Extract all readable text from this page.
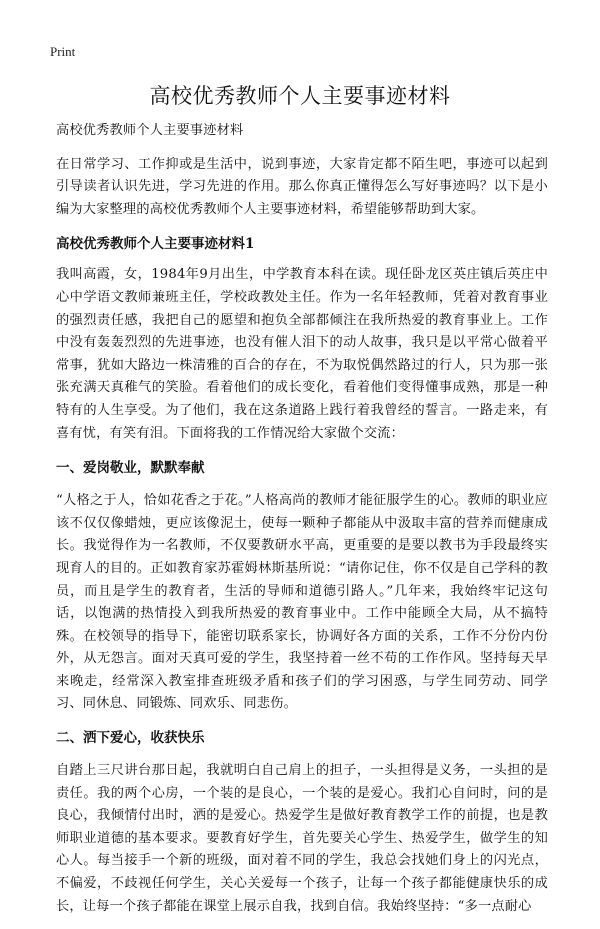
Print
高校优秀教师个人主要事迹材料

高校优秀教师个人主要事迹材料

在日常学习、工作抑或是生活中，说到事迹，大家肯定都不陌生吧，事迹可以起到引导读者认识先进，学习先进的作用。那么你真正懂得怎么写好事迹吗？以下是小编为大家整理的高校优秀教师个人主要事迹材料，希望能够帮助到大家。

高校优秀教师个人主要事迹材料1

我叫高霞，女，1984年9月出生，中学教育本科在读。现任卧龙区英庄镇后英庄中心中学语文教师兼班主任，学校政教处主任。作为一名年轻教师，凭着对教育事业的强烈责任感，我把自己的愿望和抱负全部都倾注在我所热爱的教育事业上。工作中没有轰轰烈烈的先进事迹，也没有催人泪下的动人故事，我只是以平常心做着平常事，犹如大路边一株清雅的百合的存在，不为取悦偶然路过的行人，只为那一张张充满天真稚气的笑脸。看着他们的成长变化，看着他们变得懂事成熟，那是一种特有的人生享受。为了他们，我在这条道路上践行着我曾经的誓言。一路走来，有喜有忧，有笑有泪。下面将我的工作情况给大家做个交流：

一、爱岗敬业，默默奉献

“人格之于人，恰如花香之于花。”人格高尚的教师才能征服学生的心。教师的职业应该不仅仅像蜡烛，更应该像泥土，使每一颗种子都能从中汲取丰富的营养而健康成长。我觉得作为一名教师，不仅要教研水平高，更重要的是要以教书为手段最终实现育人的目的。正如教育家苏霍姆林斯基所说：“请你记住，你不仅是自己学科的教员，而且是学生的教育者，生活的导师和道德引路人。”几年来，我始终牢记这句话，以饱满的热情投入到我所热爱的教育事业中。工作中能顾全大局，从不搞特殊。在校领导的指导下，能密切联系家长，协调好各方面的关系，工作不分份内份外，从无怨言。面对天真可爱的学生，我坚持着一丝不苟的工作作风。坚持每天早来晚走，经常深入教室排查班级矛盾和孩子们的学习困惑，与学生同劳动、同学习、同休息、同锻炼、同欢乐、同悲伤。

二、洒下爱心，收获快乐

自踏上三尺讲台那日起，我就明白自己肩上的担子，一头担得是义务，一头担的是责任。我的两个心房，一个装的是良心，一个装的是爱心。我扪心自问时，问的是良心，我倾情付出时，洒的是爱心。热爱学生是做好教育教学工作的前提，也是教师职业道德的基本要求。要教育好学生，首先要关心学生、热爱学生，做学生的知心人。每当接手一个新的班级，面对着不同的学生，我总会找她们身上的闪光点，不偏爱，不歧视任何学生，关心关爱每一个孩子，让每一个孩子都能健康快乐的成长，让每一个孩子都能在课堂上展示自我，找到自信。我始终坚持：“多一点耐心
